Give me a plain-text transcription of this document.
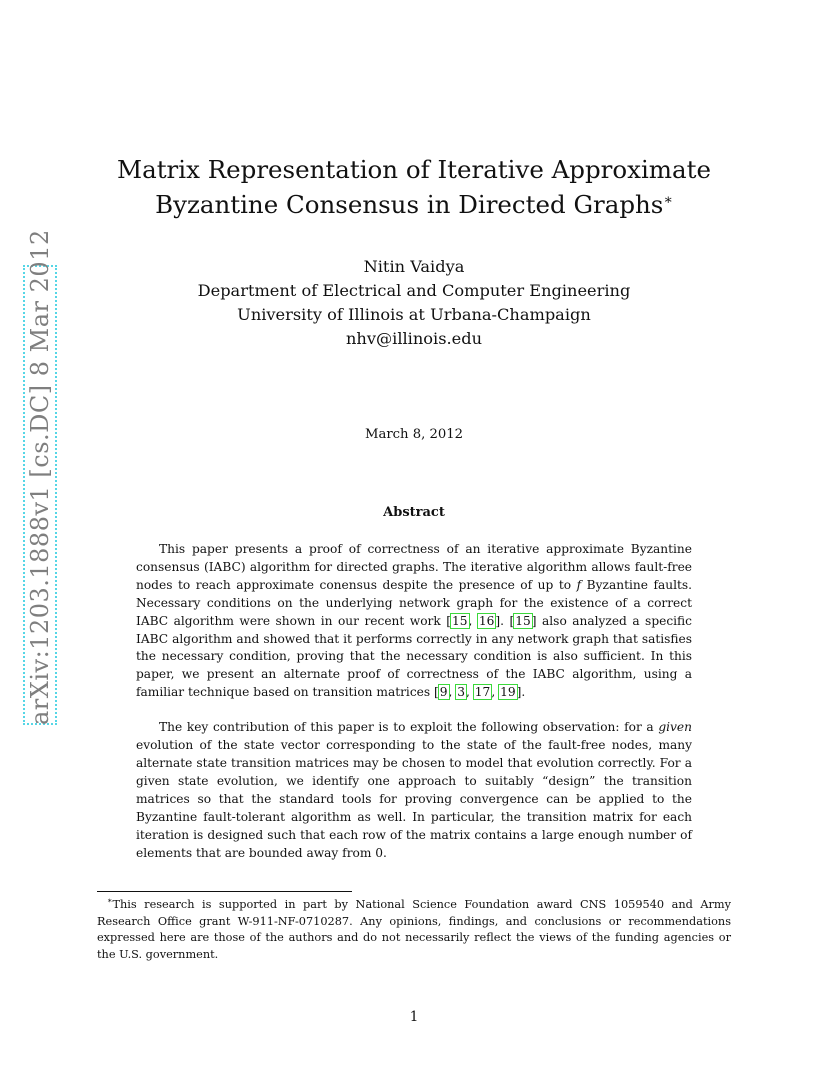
arXiv:1203.1888v1 [cs.DC] 8 Mar 2012
Matrix Representation of Iterative Approximate
Byzantine Consensus in Directed Graphs∗
Nitin Vaidya
Department of Electrical and Computer Engineering
University of Illinois at Urbana-Champaign
nhv@illinois.edu
March 8, 2012
Abstract

This paper presents a proof of correctness of an iterative approximate Byzantine consensus (IABC) algorithm for directed graphs. The iterative algorithm allows fault-free nodes to reach approximate conensus despite the presence of up to f Byzantine faults. Necessary conditions on the underlying network graph for the existence of a correct IABC algorithm were shown in our recent work [15, 16]. [15] also analyzed a specific IABC algorithm and showed that it performs correctly in any network graph that satisfies the necessary condition, proving that the necessary condition is also sufficient. In this paper, we present an alternate proof of correctness of the IABC algorithm, using a familiar technique based on transition matrices [9, 3, 17, 19].

The key contribution of this paper is to exploit the following observation: for a given evolution of the state vector corresponding to the state of the fault-free nodes, many alternate state transition matrices may be chosen to model that evolution correctly. For a given state evolution, we identify one approach to suitably “design” the transition matrices so that the standard tools for proving convergence can be applied to the Byzantine fault-tolerant algorithm as well. In particular, the transition matrix for each iteration is designed such that each row of the matrix contains a large enough number of elements that are bounded away from 0.

∗This research is supported in part by National Science Foundation award CNS 1059540 and Army Research Office grant W-911-NF-0710287. Any opinions, findings, and conclusions or recommendations expressed here are those of the authors and do not necessarily reflect the views of the funding agencies or the U.S. government.
1
